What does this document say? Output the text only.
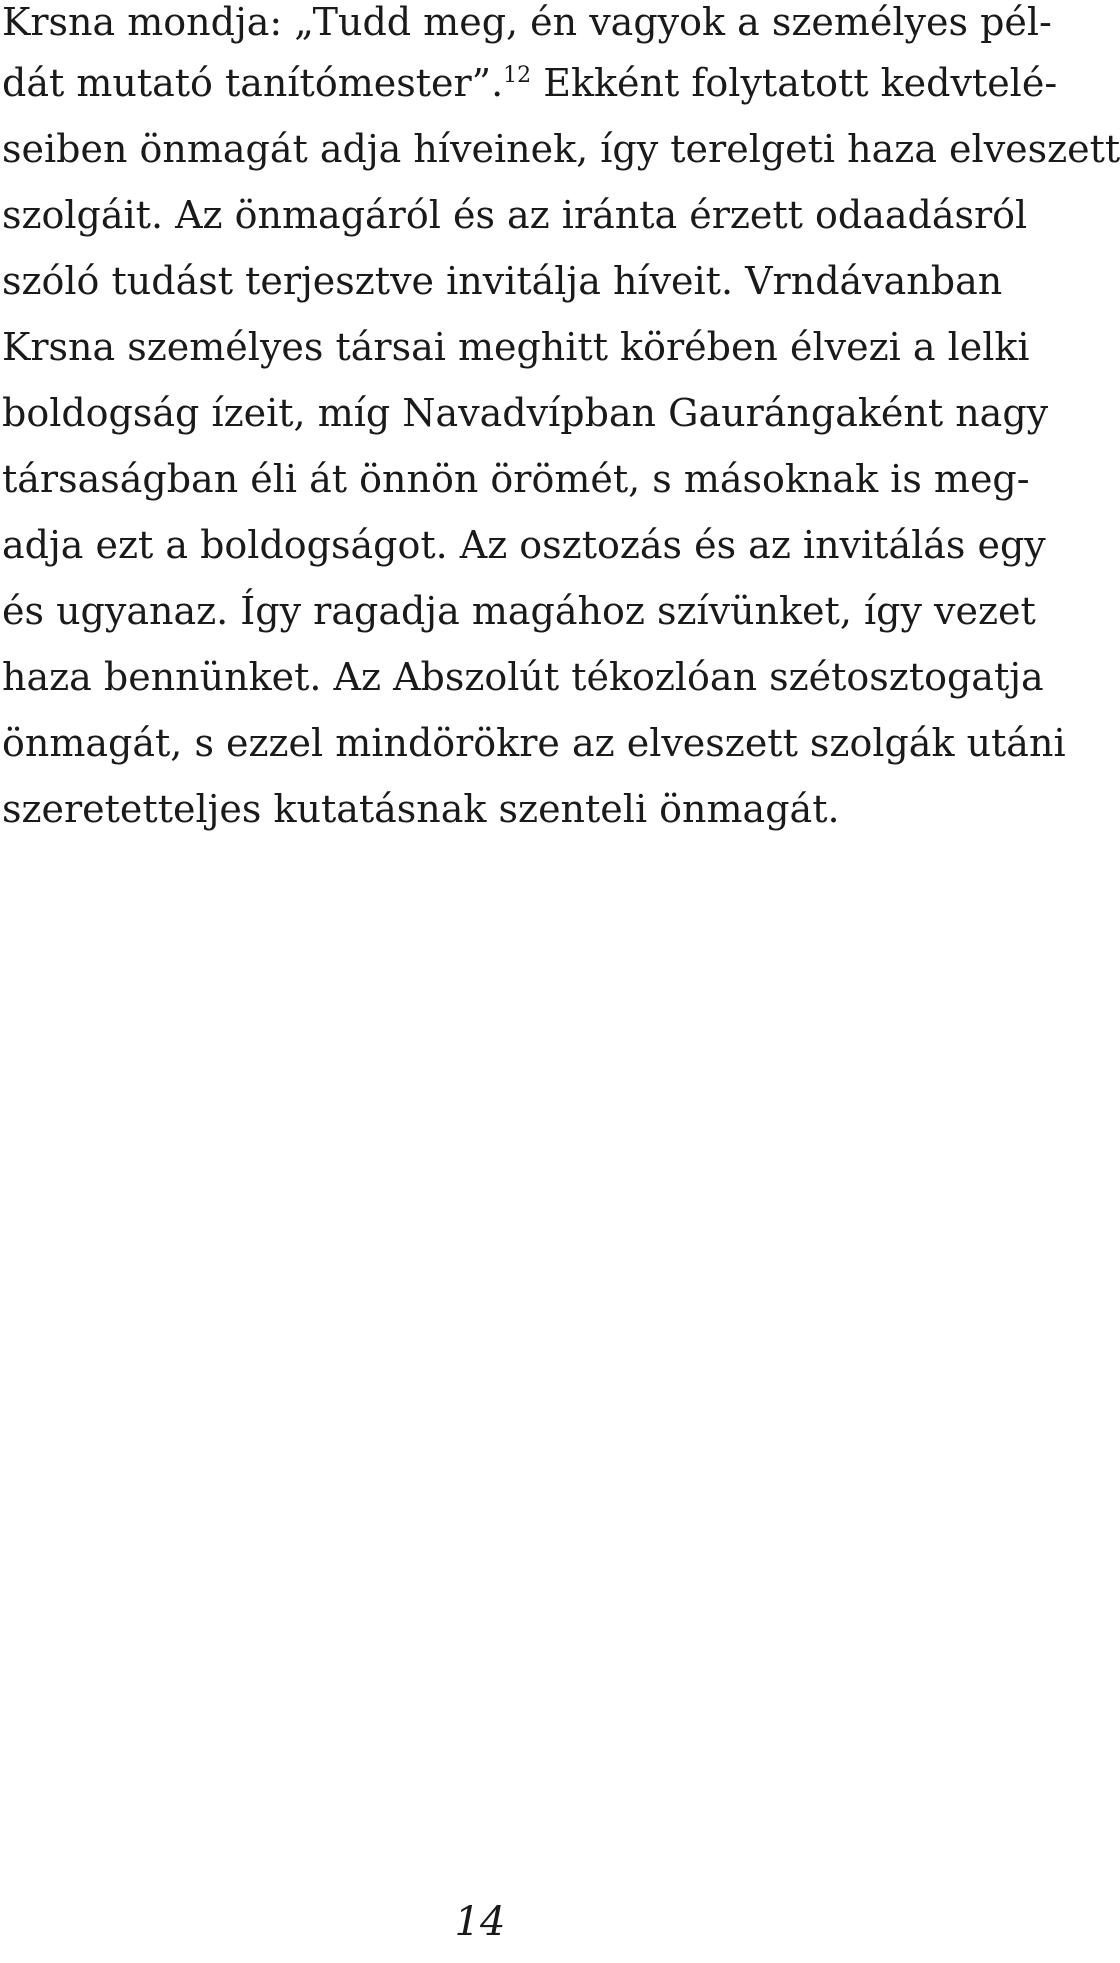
Krsna mondja: „Tudd meg, én vagyok a személyes pél-
dát mutató tanítómester”.$^{12}$ Ekként folytatott kedvtelé-
seiben önmagát adja híveinek, így terelgeti haza elveszett
szolgáit. Az önmagáról és az iránta érzett odaadásról
szóló tudást terjesztve invitálja híveit. Vrndávanban
Krsna személyes társai meghitt körében élvezi a lelki
boldogság ízeit, míg Navadvípban Gaurángaként nagy
társaságban éli át önnön örömét, s másoknak is meg-
adja ezt a boldogságot. Az osztozás és az invitálás egy
és ugyanaz. Így ragadja magához szívünket, így vezet
haza bennünket. Az Abszolút tékozlóan szétosztogatja
önmagát, s ezzel mindörökre az elveszett szolgák utáni
szeretetteljes kutatásnak szenteli önmagát.
14
